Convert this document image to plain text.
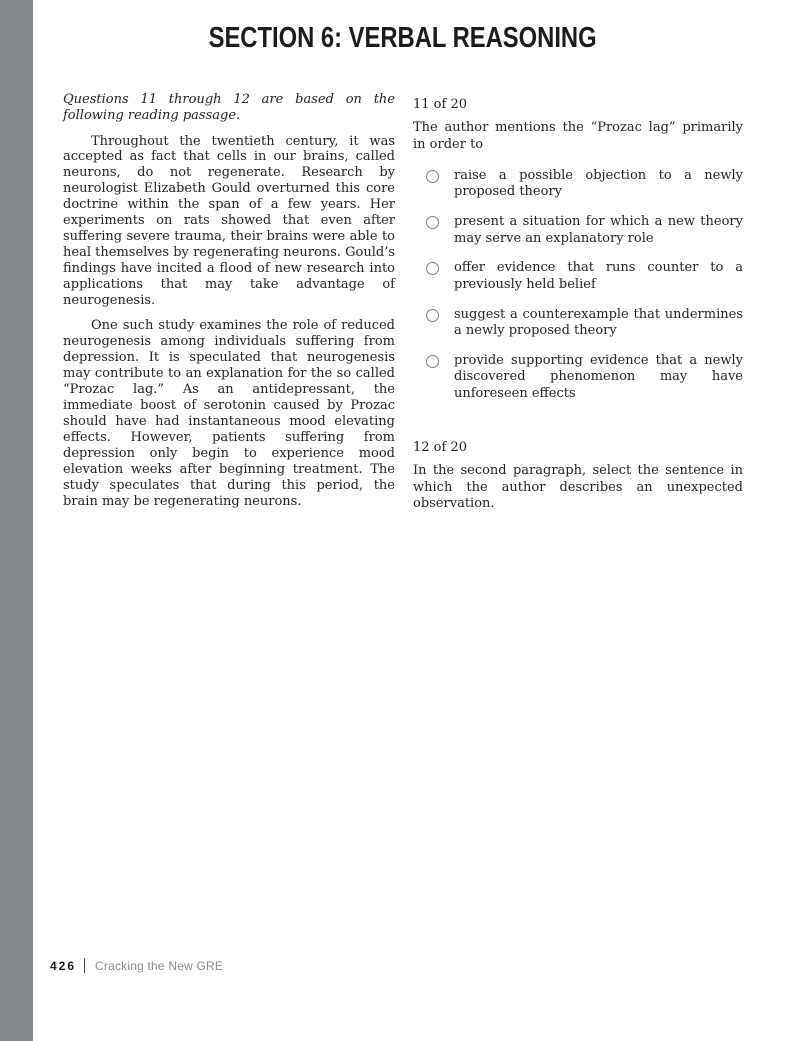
SECTION 6: VERBAL REASONING
Questions 11 through 12 are based on the following reading passage.

Throughout the twentieth century, it was accepted as fact that cells in our brains, called neurons, do not regenerate. Research by neurologist Elizabeth Gould overturned this core doctrine within the span of a few years. Her experiments on rats showed that even after suffering severe trauma, their brains were able to heal themselves by regenerating neurons. Gould’s findings have incited a flood of new research into applications that may take advantage of neurogenesis.

One such study examines the role of reduced neurogenesis among individuals suffering from depression. It is speculated that neurogenesis may contribute to an explanation for the so called “Prozac lag.” As an antidepressant, the immediate boost of serotonin caused by Prozac should have had instantaneous mood elevating effects. However, patients suffering from depression only begin to experience mood elevation weeks after beginning treatment. The study speculates that during this period, the brain may be regenerating neurons.

11 of 20
The author mentions the “Prozac lag” primarily in order to
raise a possible objection to a newly proposed theory
present a situation for which a new theory may serve an explanatory role
offer evidence that runs counter to a previously held belief
suggest a counterexample that undermines a newly proposed theory
provide supporting evidence that a newly discovered phenomenon may have unforeseen effects
12 of 20
In the second paragraph, select the sentence in which the author describes an unexpected observation.
426 Cracking the New GRE
